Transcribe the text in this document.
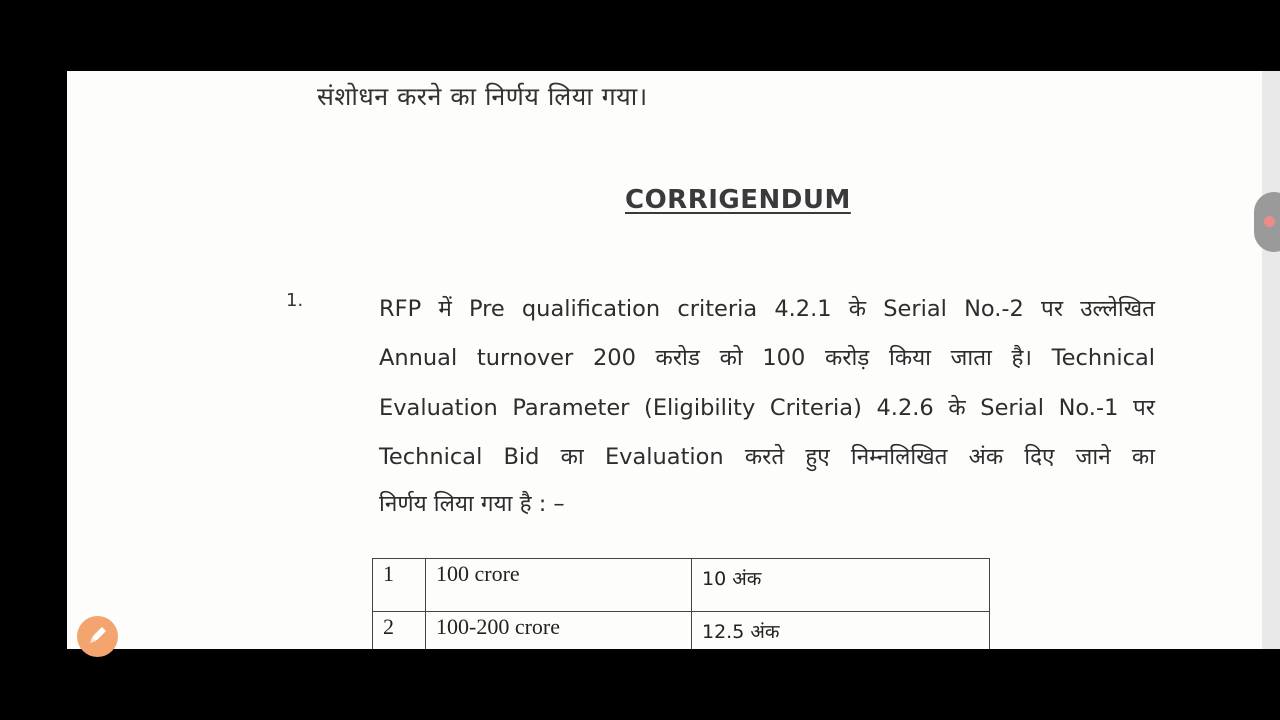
संशोधन करने का निर्णय लिया गया।
CORRIGENDUM
1.	RFP में Pre qualification criteria 4.2.1 के Serial No.-2 पर उल्लेखित
Annual turnover 200 करोड को 100 करोड़ किया जाता है। Technical
Evaluation Parameter (Eligibility Criteria) 4.2.6 के Serial No.-1 पर
Technical Bid का Evaluation करते हुए निम्नलिखित अंक दिए जाने का
निर्णय लिया गया है : –
1	100 crore	10 अंक
2	100-200 crore	12.5 अंक
